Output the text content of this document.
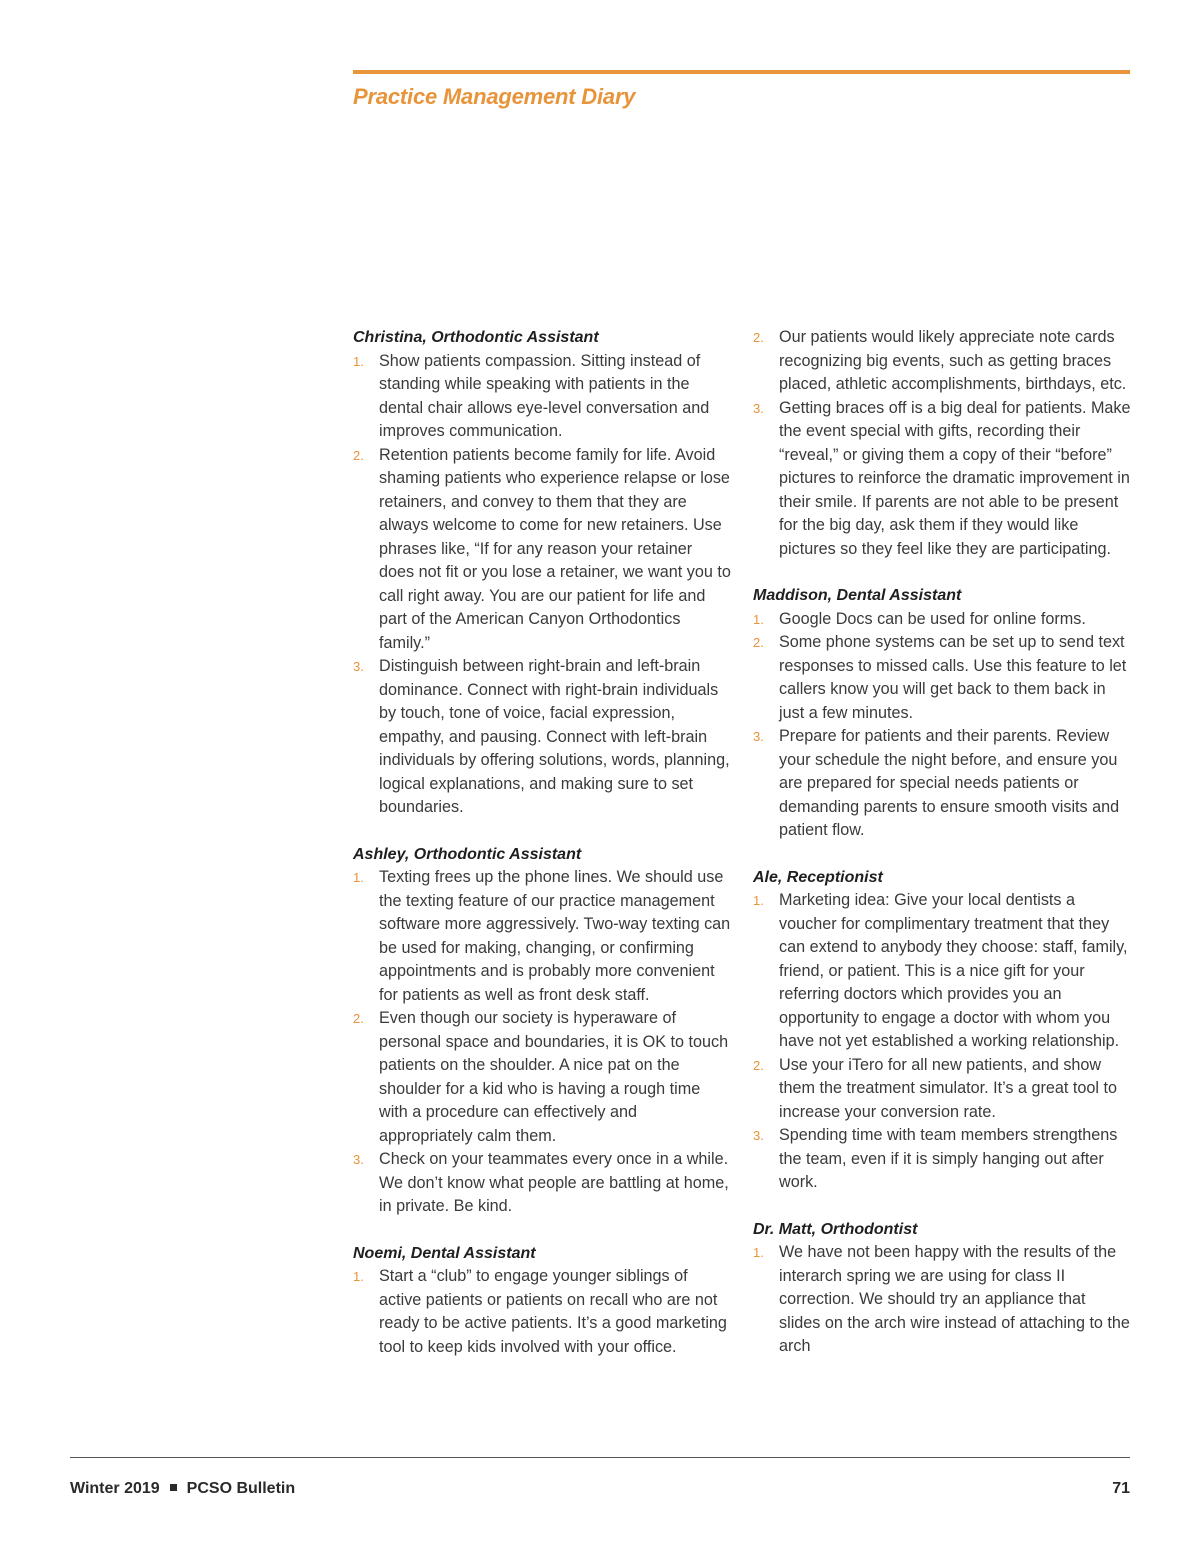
Practice Management Diary

Christina, Orthodontic Assistant

1. Show patients compassion. Sitting instead of standing while speaking with patients in the dental chair allows eye-level conversation and improves communication.
2. Retention patients become family for life. Avoid shaming patients who experience relapse or lose retainers, and convey to them that they are always welcome to come for new retainers. Use phrases like, “If for any reason your retainer does not fit or you lose a retainer, we want you to call right away. You are our patient for life and part of the American Canyon Orthodontics family.”
3. Distinguish between right-brain and left-brain dominance. Connect with right-brain individuals by touch, tone of voice, facial expression, empathy, and pausing. Connect with left-brain individuals by offering solutions, words, planning, logical explanations, and making sure to set boundaries.

Ashley, Orthodontic Assistant

1. Texting frees up the phone lines. We should use the texting feature of our practice management software more aggressively. Two-way texting can be used for making, changing, or confirming appointments and is probably more convenient for patients as well as front desk staff.
2. Even though our society is hyperaware of personal space and boundaries, it is OK to touch patients on the shoulder. A nice pat on the shoulder for a kid who is having a rough time with a procedure can effectively and appropriately calm them.
3. Check on your teammates every once in a while. We don’t know what people are battling at home, in private. Be kind.

Noemi, Dental Assistant

1. Start a “club” to engage younger siblings of active patients or patients on recall who are not ready to be active patients. It’s a good marketing tool to keep kids involved with your office.
2. Our patients would likely appreciate note cards recognizing big events, such as getting braces placed, athletic accomplishments, birthdays, etc.
3. Getting braces off is a big deal for patients. Make the event special with gifts, recording their “reveal,” or giving them a copy of their “before” pictures to reinforce the dramatic improvement in their smile. If parents are not able to be present for the big day, ask them if they would like pictures so they feel like they are participating.

Maddison, Dental Assistant

1. Google Docs can be used for online forms.
2. Some phone systems can be set up to send text responses to missed calls. Use this feature to let callers know you will get back to them back in just a few minutes.
3. Prepare for patients and their parents. Review your schedule the night before, and ensure you are prepared for special needs patients or demanding parents to ensure smooth visits and patient flow.

Ale, Receptionist

1. Marketing idea: Give your local dentists a voucher for complimentary treatment that they can extend to anybody they choose: staff, family, friend, or patient. This is a nice gift for your referring doctors which provides you an opportunity to engage a doctor with whom you have not yet established a working relationship.
2. Use your iTero for all new patients, and show them the treatment simulator. It’s a great tool to increase your conversion rate.
3. Spending time with team members strengthens the team, even if it is simply hanging out after work.

Dr. Matt, Orthodontist

1. We have not been happy with the results of the interarch spring we are using for class II correction. We should try an appliance that slides on the arch wire instead of attaching to the arch
Winter 2019 PCSO Bulletin	71
